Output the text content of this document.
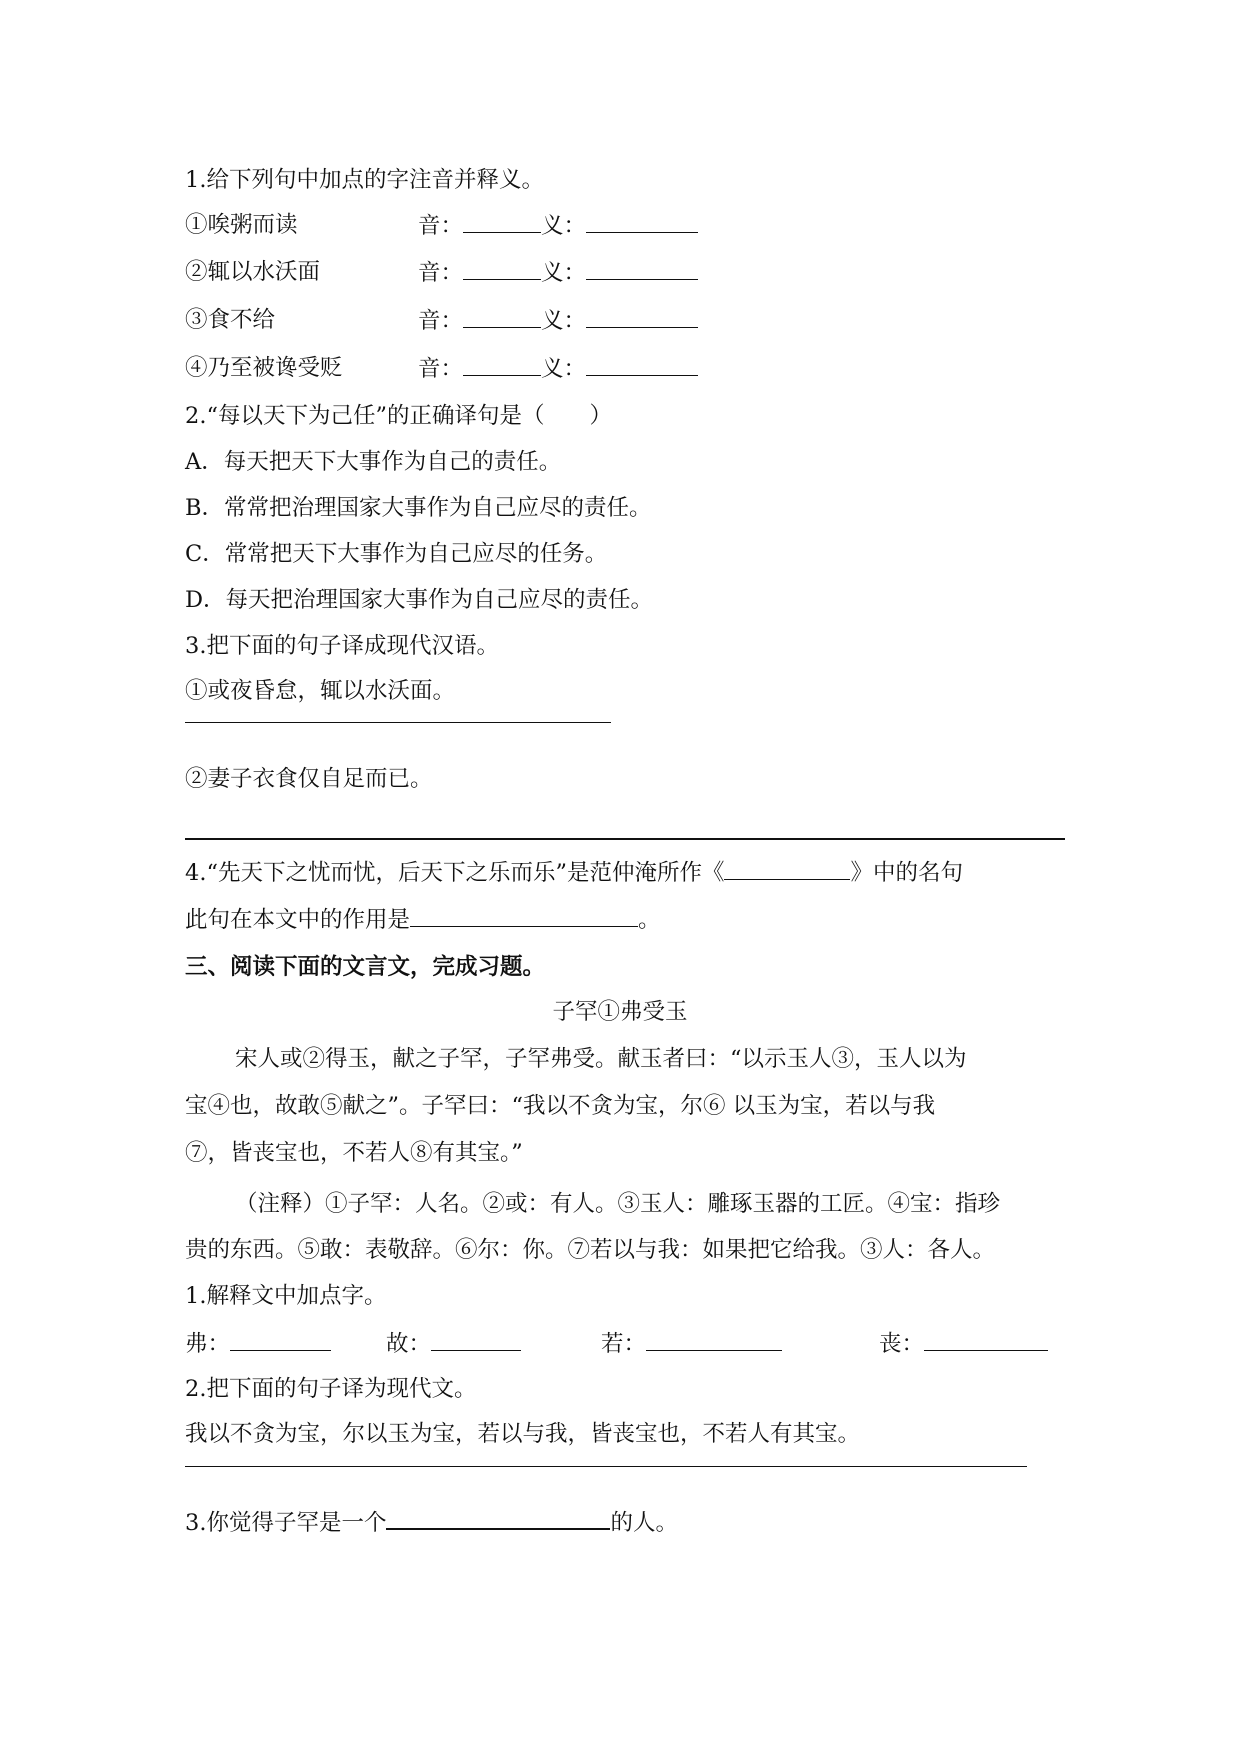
1.给下列句中加点的字注音并释义。
①唉粥而读	音：	义：
②辄以水沃面	音：	义：
③食不给	音：	义：
④乃至被谗受贬	音：	义：
2.“每以天下为己任”的正确译句是（　　）
A．每天把天下大事作为自己的责任。
B．常常把治理国家大事作为自己应尽的责任。
C．常常把天下大事作为自己应尽的任务。
D．每天把治理国家大事作为自己应尽的责任。
3.把下面的句子译成现代汉语。
①或夜昏怠，辄以水沃面。
②妻子衣食仅自足而已。
4.“先天下之忧而忧，后天下之乐而乐”是范仲淹所作《	》中的名句
此句在本文中的作用是	。
三、阅读下面的文言文，完成习题。
子罕①弗受玉
宋人或②得玉，献之子罕，子罕弗受。献玉者曰：“以示玉人③，玉人以为
宝④也，故敢⑤献之”。子罕曰：“我以不贪为宝，尔⑥ 以玉为宝，若以与我
⑦，皆丧宝也，不若人⑧有其宝。”
（注释）①子罕：人名。②或：有人。③玉人：雕琢玉器的工匠。④宝：指珍
贵的东西。⑤敢：表敬辞。⑥尔：你。⑦若以与我：如果把它给我。③人：各人。
1.解释文中加点字。
弗：	故：	若：	丧：
2.把下面的句子译为现代文。
我以不贪为宝，尔以玉为宝，若以与我，皆丧宝也，不若人有其宝。
3.你觉得子罕是一个	的人。
